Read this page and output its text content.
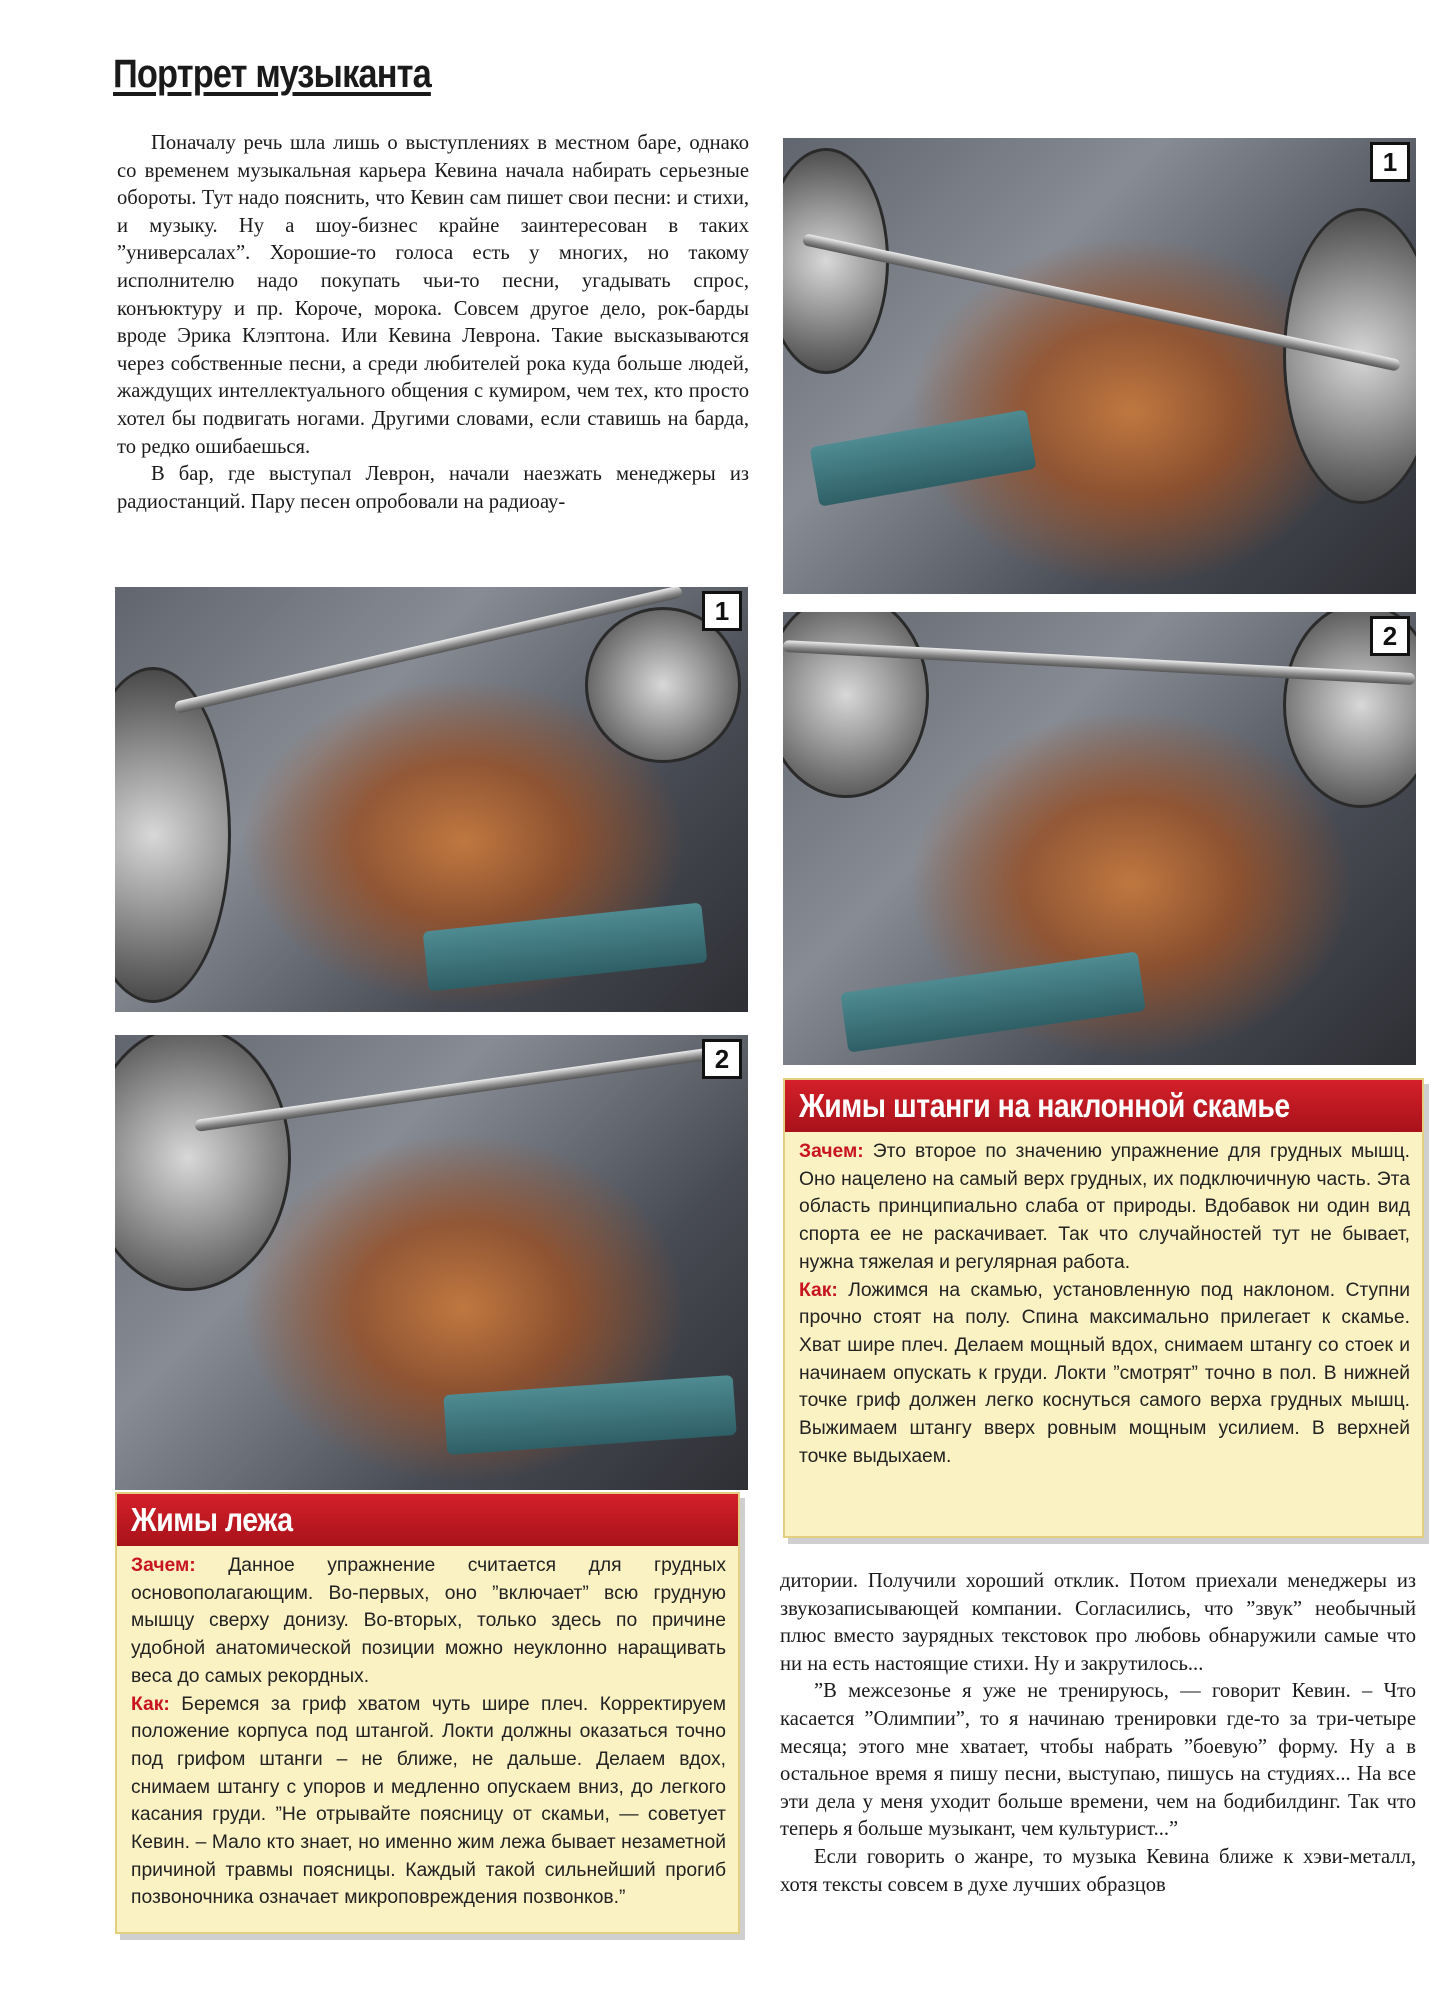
Портрет музыканта

Поначалу речь шла лишь о выступлениях в местном баре, однако со временем музыкальная карьера Кевина начала набирать серьезные обороты. Тут надо пояснить, что Кевин сам пишет свои песни: и стихи, и музыку. Ну а шоу-бизнес крайне заинтересован в таких ”универсалах”. Хорошие-то голоса есть у многих, но такому исполнителю надо покупать чьи-то песни, угадывать спрос, конъюктуру и пр. Короче, морока. Совсем другое дело, рок-барды вроде Эрика Клэптона. Или Кевина Леврона. Такие высказываются через собственные песни, а среди любителей рока куда больше людей, жаждущих интеллектуального общения с кумиром, чем тех, кто просто хотел бы подвигать ногами. Другими словами, если ставишь на барда, то редко ошибаешься.

В бар, где выступал Леврон, начали наезжать менеджеры из радиостанций. Пару песен опробовали на радиоау-

1
2
1
2
Жимы штанги на наклонной скамье

Зачем: Это второе по значению упражнение для грудных мышц. Оно нацелено на самый верх грудных, их подключичную часть. Эта область принципиально слаба от природы. Вдобавок ни один вид спорта ее не раскачивает. Так что случайностей тут не бывает, нужна тяжелая и регулярная работа.

Как: Ложимся на скамью, установленную под наклоном. Ступни прочно стоят на полу. Спина максимально прилегает к скамье. Хват шире плеч. Делаем мощный вдох, снимаем штангу со стоек и начинаем опускать к груди. Локти ”смотрят” точно в пол. В нижней точке гриф должен легко коснуться самого верха грудных мышц. Выжимаем штангу вверх ровным мощным усилием. В верхней точке выдыхаем.

Жимы лежа

Зачем: Данное упражнение считается для грудных основополагающим. Во-первых, оно ”включает” всю грудную мышцу сверху донизу. Во-вторых, только здесь по причине удобной анатомической позиции можно неуклонно наращивать веса до самых рекордных.

Как: Беремся за гриф хватом чуть шире плеч. Корректируем положение корпуса под штангой. Локти должны оказаться точно под грифом штанги – не ближе, не дальше. Делаем вдох, снимаем штангу с упоров и медленно опускаем вниз, до легкого касания груди. ”Не отрывайте поясницу от скамьи, — советует Кевин. – Мало кто знает, но именно жим лежа бывает незаметной причиной травмы поясницы. Каждый такой сильнейший прогиб позвоночника означает микроповреждения позвонков.”

дитории. Получили хороший отклик. Потом приехали менеджеры из звукозаписывающей компании. Согласились, что ”звук” необычный плюс вместо заурядных текстовок про любовь обнаружили самые что ни на есть настоящие стихи. Ну и закрутилось...

”В межсезонье я уже не тренируюсь, — говорит Кевин. – Что касается ”Олимпии”, то я начинаю тренировки где-то за три-четыре месяца; этого мне хватает, чтобы набрать ”боевую” форму. Ну а в остальное время я пишу песни, выступаю, пишусь на студиях... На все эти дела у меня уходит больше времени, чем на бодибилдинг. Так что теперь я больше музыкант, чем культурист...”

Если говорить о жанре, то музыка Кевина ближе к хэви-металл, хотя тексты совсем в духе лучших образцов
